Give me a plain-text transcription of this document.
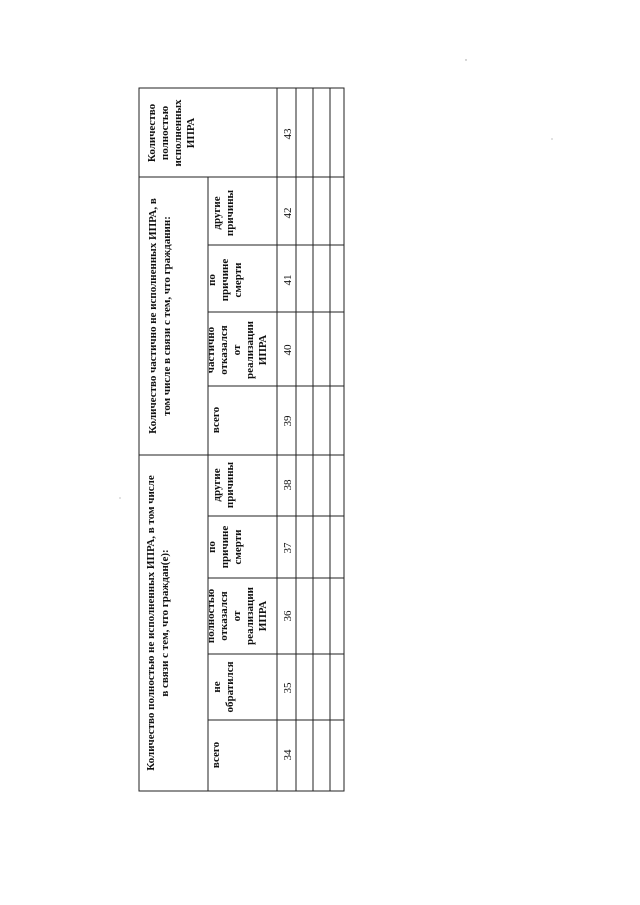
Количество полностью исполненных ИПРА
Количество частично не исполненных ИПРА, в том числе в связи с тем, что гражданин:
Количество полностью не исполненных ИПРА, в том числе в связи с тем, что граждан(е):
другие причины
по причине смерти
частично отказался от реализации ИПРА
всего
другие причины
по причине смерти
полностью отказался от реализации ИПРА
не обратился
всего
43
42
41
40
39
38
37
36
35
34
